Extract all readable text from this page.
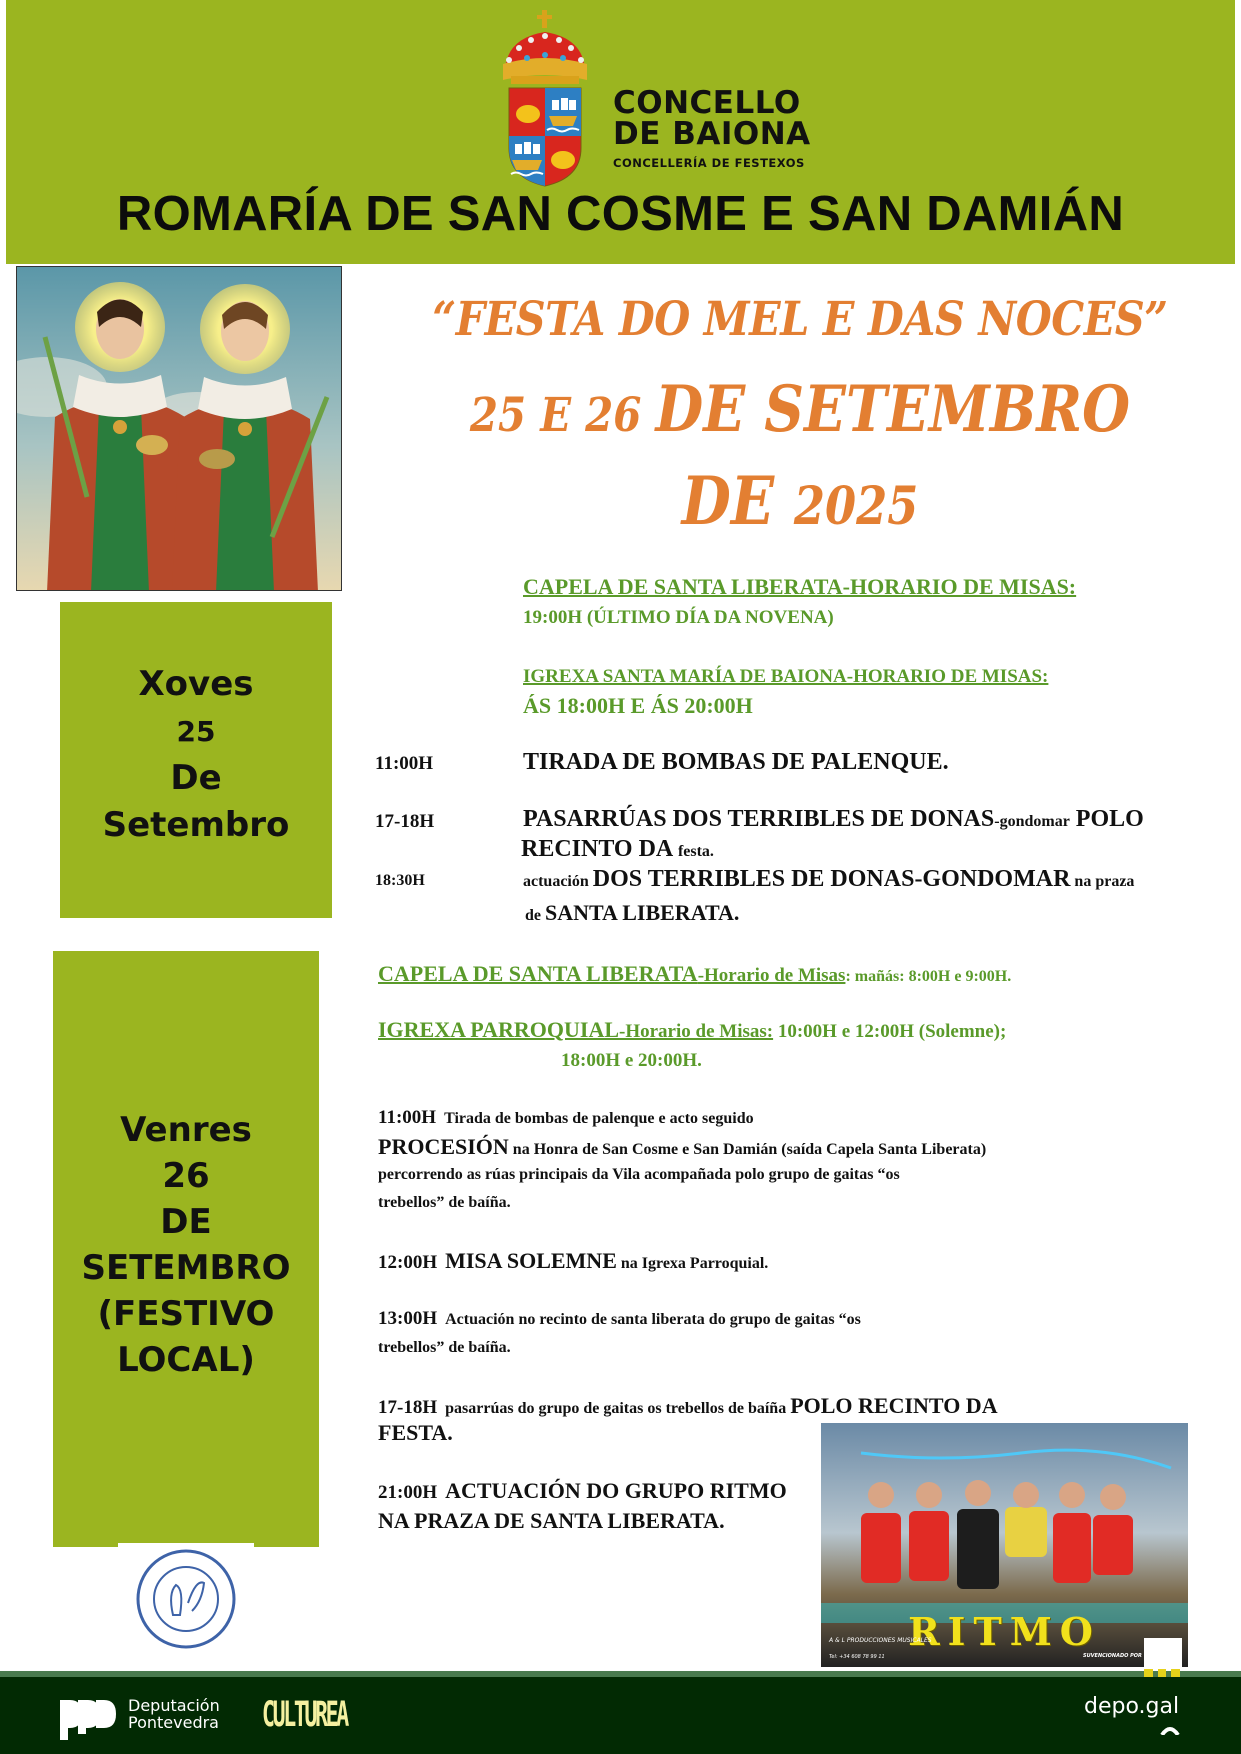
CONCELLO
DE BAIONA
CONCELLERÍA DE FESTEXOS
ROMARÍA DE SAN COSME E SAN DAMIÁN
“FESTA DO MEL E DAS NOCES”
25 E 26 DE SETEMBRO
DE 2025
Xoves
25
De
Setembro
CAPELA DE SANTA LIBERATA-HORARIO DE MISAS:
19:00H (ÚLTIMO DÍA DA NOVENA)
IGREXA SANTA MARÍA DE BAIONA-HORARIO DE MISAS:
ÁS 18:00H E ÁS 20:00H
11:00H	TIRADA DE BOMBAS DE PALENQUE.
17-18H	PASARRÚAS DOS TERRIBLES DE DONAS-gondomar POLO
RECINTO DA festa.
18:30H	actuación DOS TERRIBLES DE DONAS-GONDOMAR na praza
de SANTA LIBERATA.
Venres
26
DE
SETEMBRO
(FESTIVO
LOCAL)
CAPELA DE SANTA LIBERATA-Horario de Misas: mañás: 8:00H e 9:00H.
IGREXA PARROQUIAL-Horario de Misas: 10:00H e 12:00H (Solemne);
18:00H e 20:00H.
11:00H Tirada de bombas de palenque e acto seguido
PROCESIÓN na Honra de San Cosme e San Damián (saída Capela Santa Liberata)
percorrendo as rúas principais da Vila acompañada polo grupo de gaitas “os
trebellos” de baíña.
12:00H MISA SOLEMNE na Igrexa Parroquial.
13:00H Actuación no recinto de santa liberata do grupo de gaitas “os
trebellos” de baíña.
17-18H pasarrúas do grupo de gaitas os trebellos de baíña POLO RECINTO DA
FESTA.
21:00H ACTUACIÓN DO GRUPO RITMO
NA PRAZA DE SANTA LIBERATA.
RITMO
A & L PRODUCCIONES MUSICALES
Tel: +34 608 78 99 11	SUVENCIONADO POR
Deputación
Pontevedra CULTUREA	depo.gal
